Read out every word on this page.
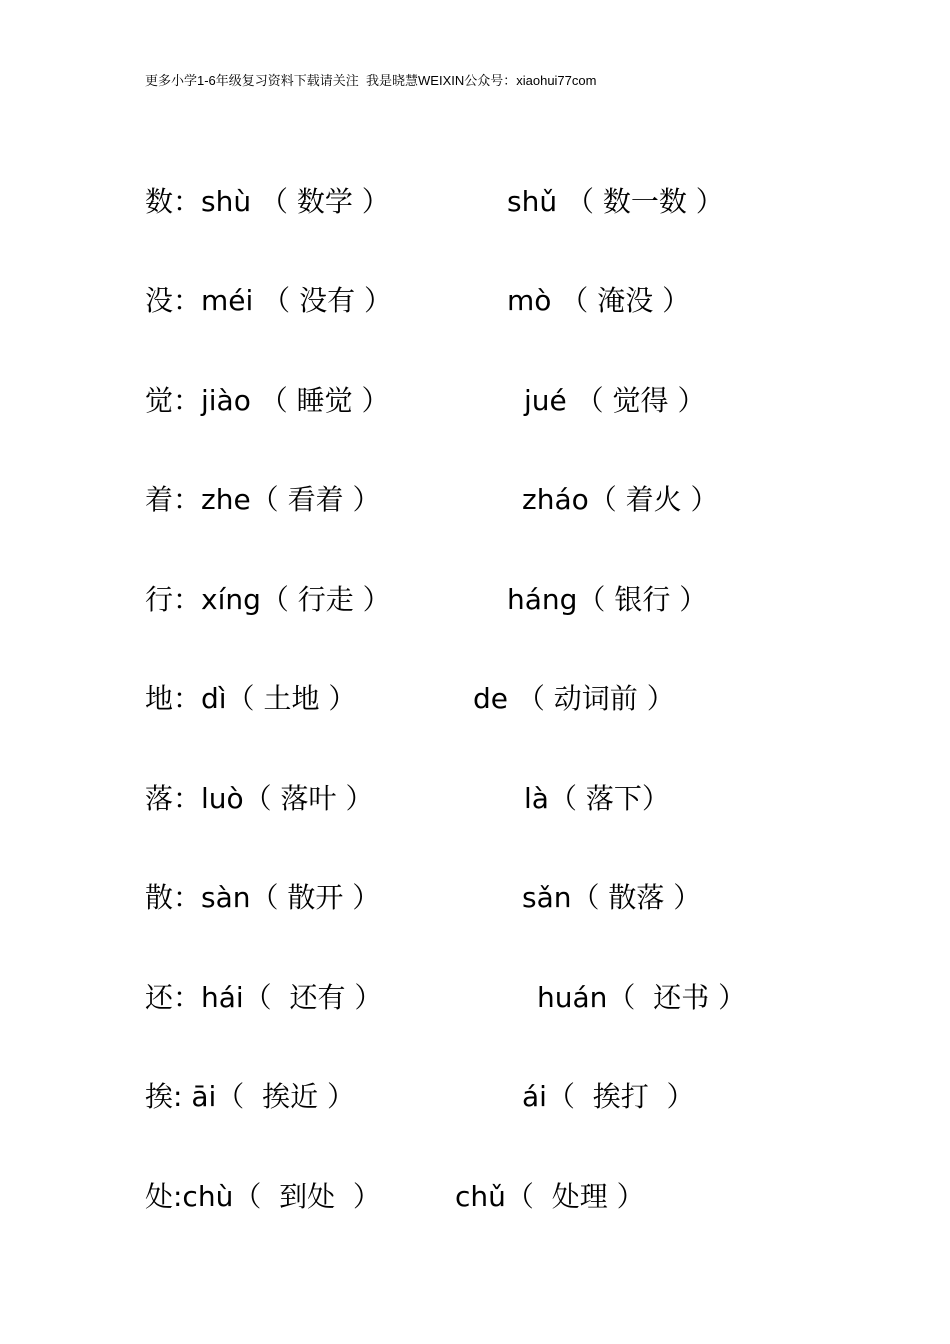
更多小学1-6年级复习资料下载请关注  我是晓慧WEIXIN公众号：xiaohui77com
数：shù （ 数学 ）	shǔ （ 数一数 ）
没：méi （ 没有 ）	mò （ 淹没 ）
觉：jiào （ 睡觉 ）	jué （ 觉得 ）
着：zhe（ 看着 ）	zháo（ 着火 ）
行：xíng（ 行走 ）	háng（ 银行 ）
地：dì（ 土地 ）	de （ 动词前 ）
落：luò（ 落叶 ）	là（ 落下）
散：sàn（ 散开 ）	sǎn（ 散落 ）
还：hái（  还有 ）	huán（  还书 ）
挨: āi（  挨近 ）	ái（  挨打  ）
处:chù（  到处  ）	chǔ（  处理 ）
